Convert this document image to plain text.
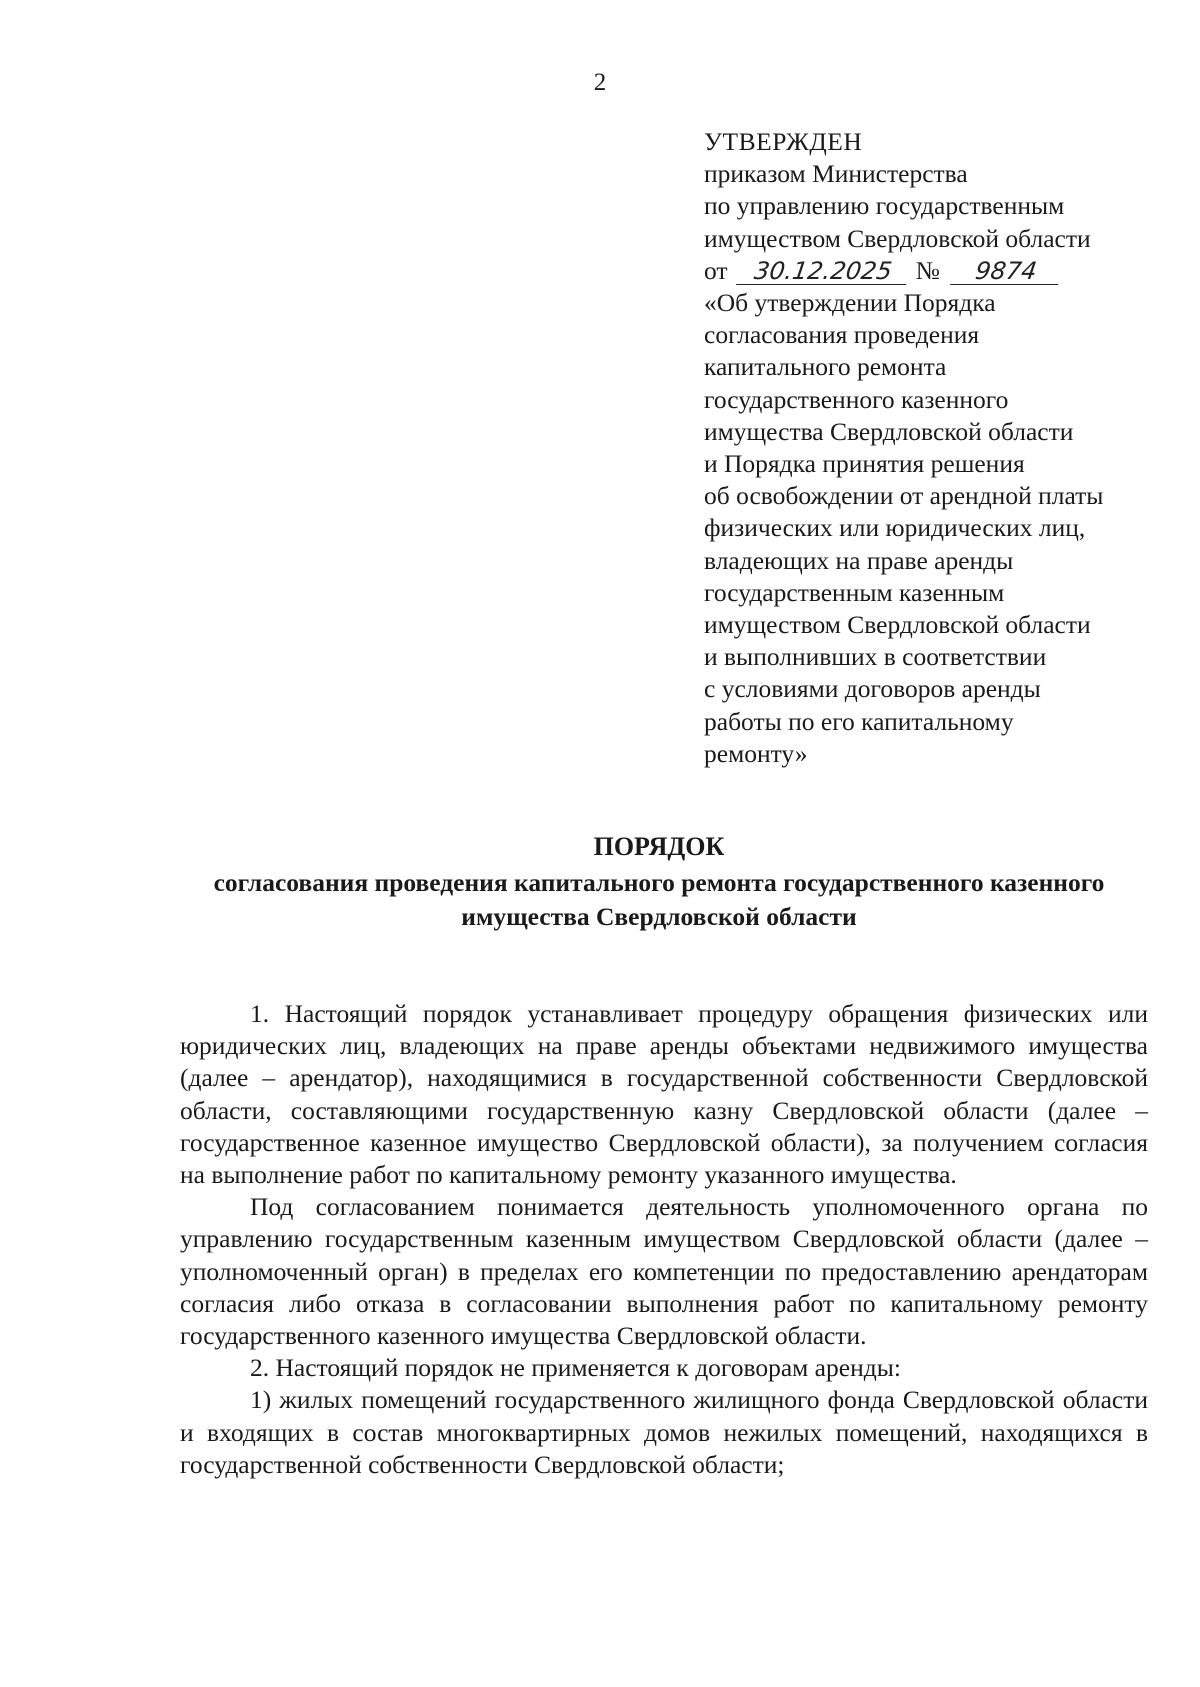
2
УТВЕРЖДЕН
приказом Министерства
по управлению государственным
имуществом Свердловской области
от 30.12.2025 № 9874
«Об утверждении Порядка
согласования проведения
капитального ремонта
государственного казенного
имущества Свердловской области
и Порядка принятия решения
об освобождении от арендной платы
физических или юридических лиц,
владеющих на праве аренды
государственным казенным
имуществом Свердловской области
и выполнивших в соответствии
с условиями договоров аренды
работы по его капитальному
ремонту»
ПОРЯДОК
согласования проведения капитального ремонта государственного казенного имущества Свердловской области

1. Настоящий порядок устанавливает процедуру обращения физических или юридических лиц, владеющих на праве аренды объектами недвижимого имущества (далее – арендатор), находящимися в государственной собственности Свердловской области, составляющими государственную казну Свердловской области (далее – государственное казенное имущество Свердловской области), за получением согласия на выполнение работ по капитальному ремонту указанного имущества.

Под согласованием понимается деятельность уполномоченного органа по управлению государственным казенным имуществом Свердловской области (далее – уполномоченный орган) в пределах его компетенции по предоставлению арендаторам согласия либо отказа в согласовании выполнения работ по капитальному ремонту государственного казенного имущества Свердловской области.

2. Настоящий порядок не применяется к договорам аренды:

1) жилых помещений государственного жилищного фонда Свердловской области и входящих в состав многоквартирных домов нежилых помещений, находящихся в государственной собственности Свердловской области;
